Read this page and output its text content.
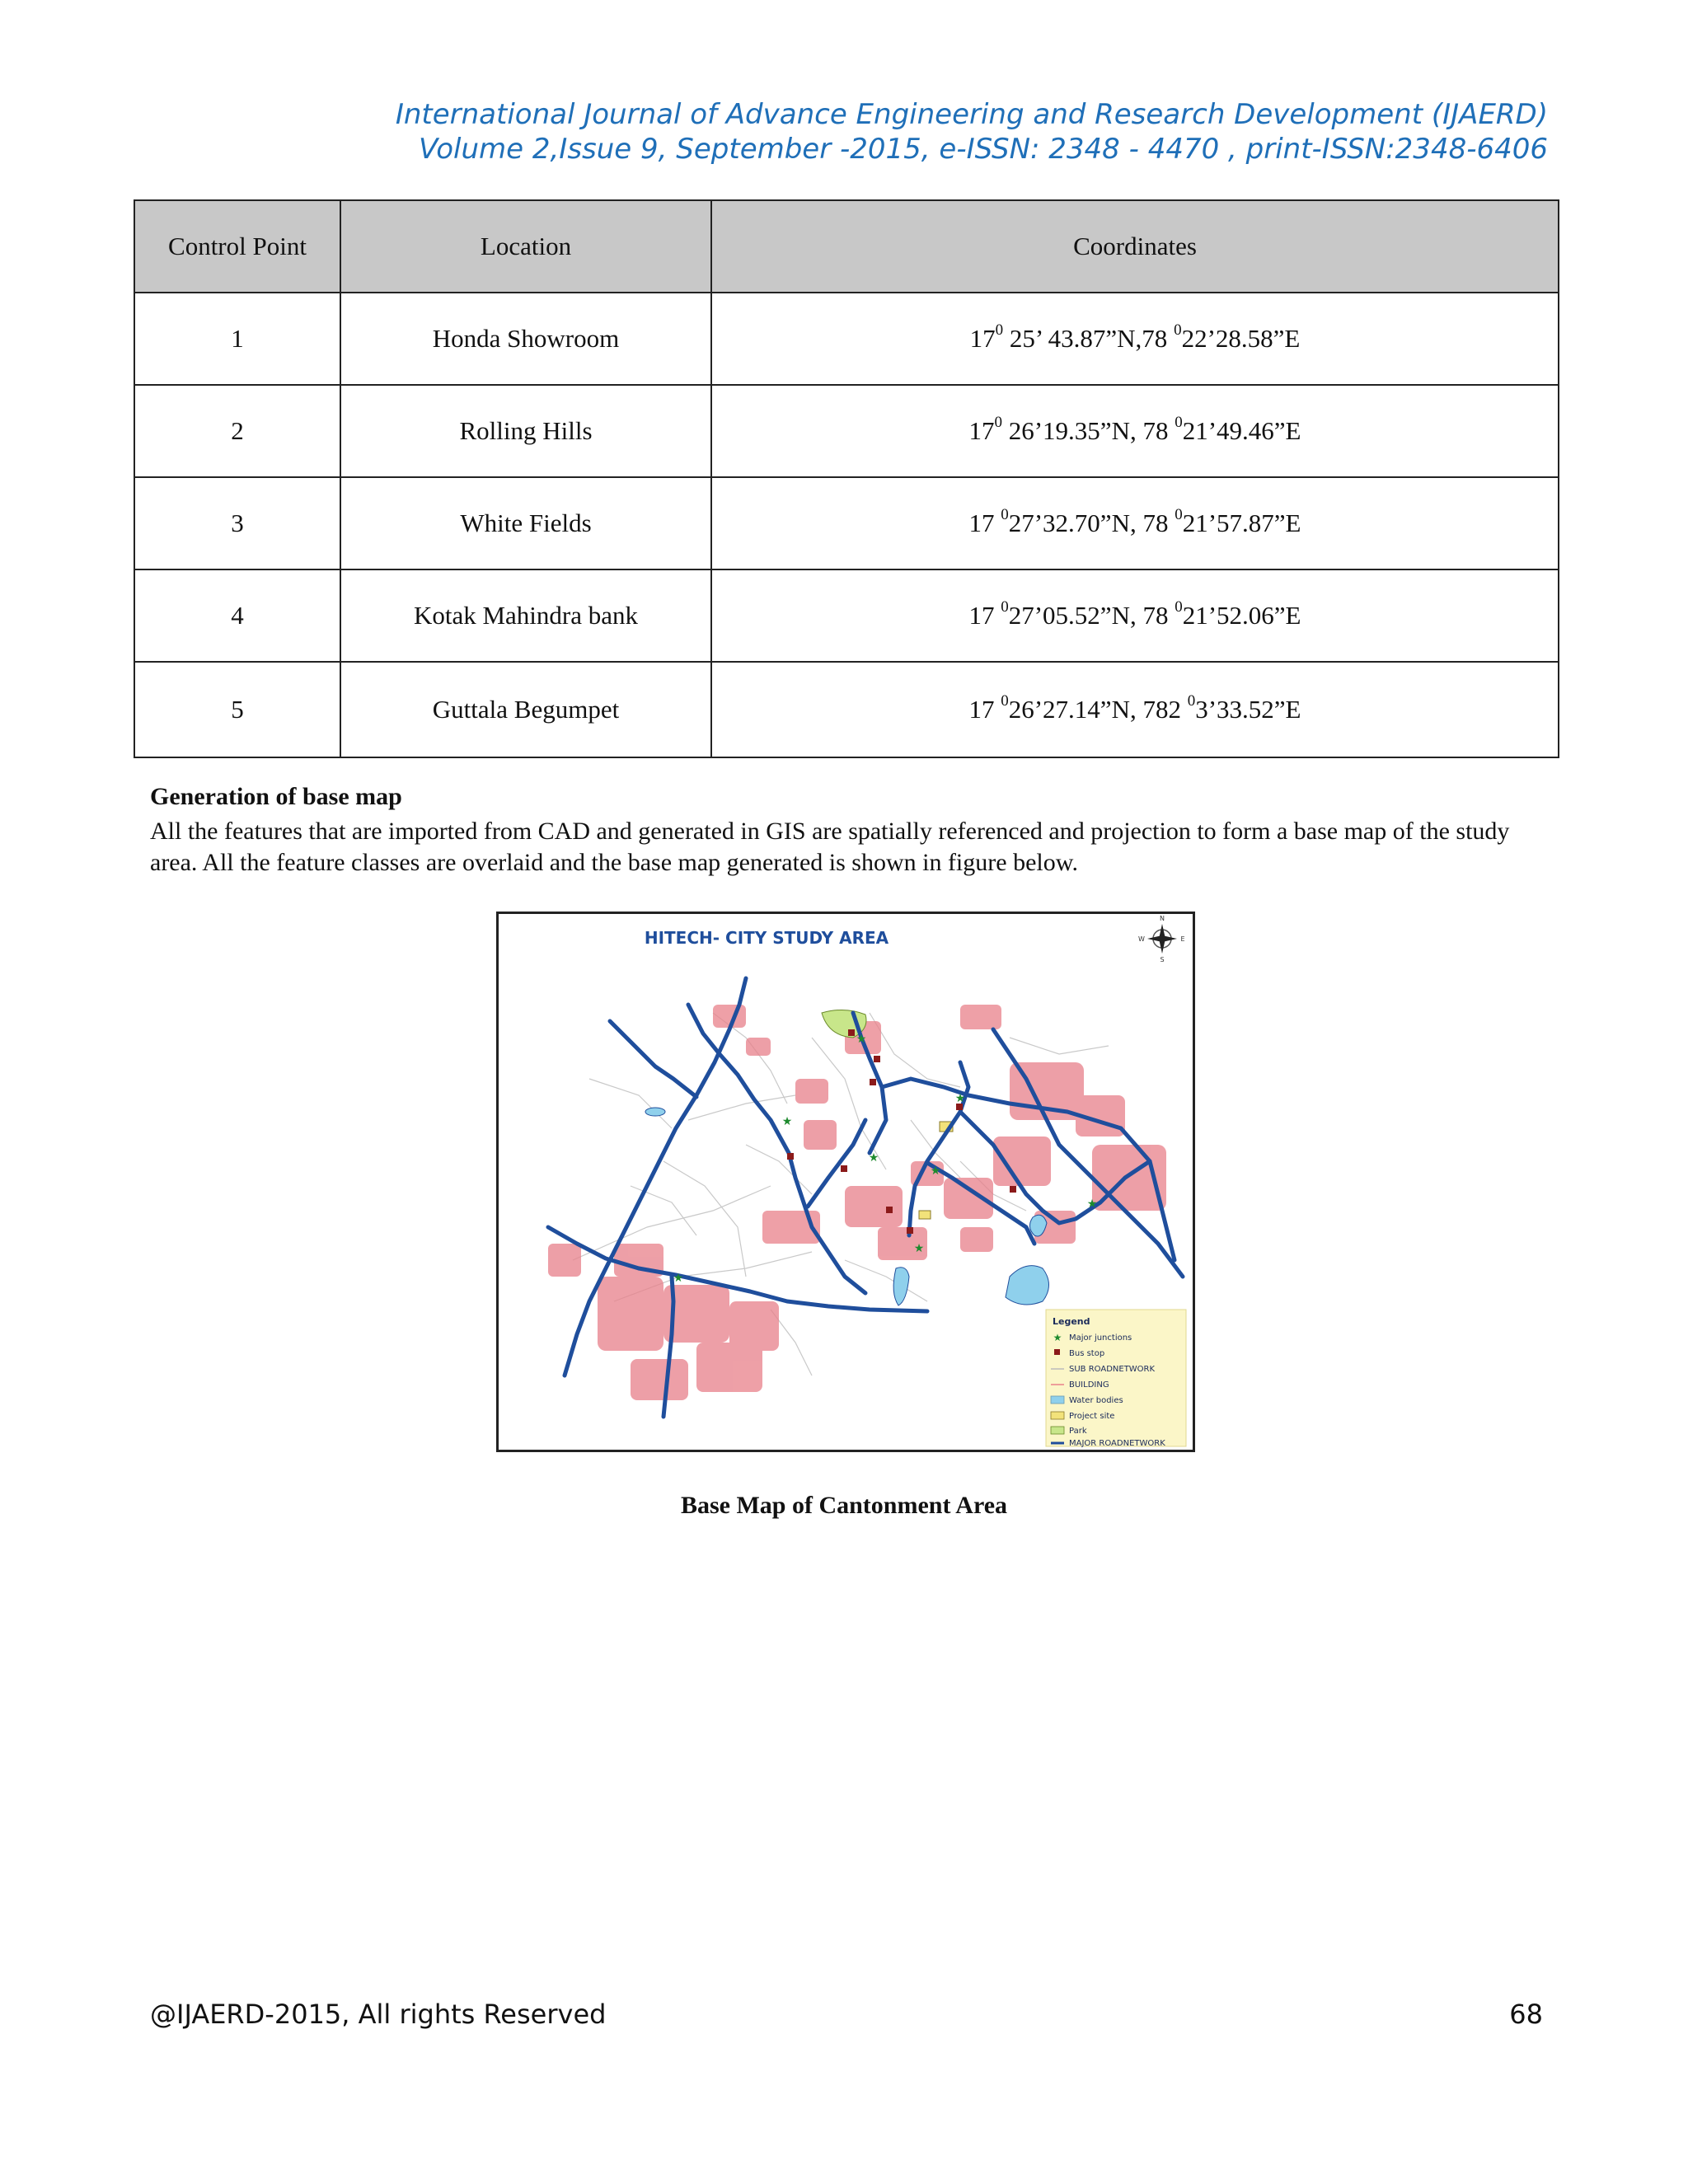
International Journal of Advance Engineering and Research Development (IJAERD)
Volume 2,Issue 9, September -2015, e-ISSN: 2348 - 4470 , print-ISSN:2348-6406
Control Point	Location	Coordinates
1	Honda Showroom	$17^0$ 25’ 43.87”N,78 $^0$22’28.58”E
2	Rolling Hills	$17^0$ 26’19.35”N, 78 $^0$21’49.46”E
3	White Fields	17 $^0$27’32.70”N, 78 $^0$21’57.87”E
4	Kotak Mahindra bank	17 $^0$27’05.52”N, 78 $^0$21’52.06”E
5	Guttala Begumpet	17 $^0$26’27.14”N, 782 $^0$3’33.52”E
Generation of base map
All the features that are imported from CAD and generated in GIS are spatially referenced and projection to form a base map of the study area. All the feature classes are overlaid and the base map generated is shown in figure below.
★
★
★
★
★
★
★
★
HITECH- CITY STUDY AREA
N
S
E
W
Legend
★ Major junctions
Bus stop
SUB ROADNETWORK
BUILDING
Water bodies
Project site
Park
MAJOR ROADNETWORK
Base Map of Cantonment Area
@IJAERD-2015, All rights Reserved	68
